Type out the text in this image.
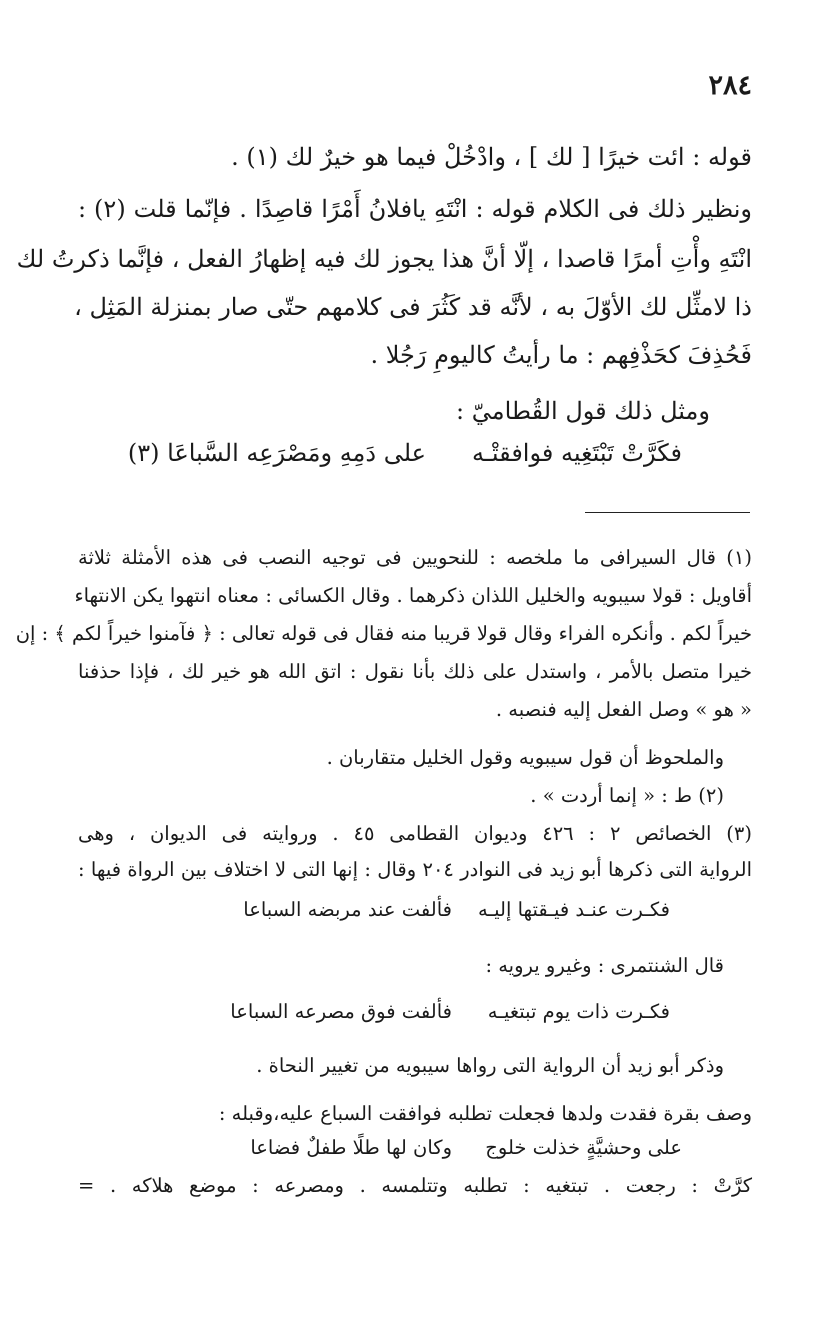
٢٨٤
قوله : ائت خيرًا [ لك ] ، وادْخُلْ فيما هو خيرٌ لك (١) .
ونظير ذلك فى الكلام قوله : انْتَهِ يافلانُ أَمْرًا قاصِدًا . فإنّما قلت (٢) :
انْتَهِ وأْتِ أمرًا قاصدا ، إلّا أنَّ هذا يجوز لك فيه إظهارُ الفعل ، فإنَّما ذكرتُ لك
ذا لامثِّل لك الأوّلَ به ، لأنَّه قد كَثُرَ فى كلامهم حتّى صار بمنزلة المَثِل ،
فَحُذِفَ كحَذْفِهم : ما رأيتُ كاليومِ رَجُلا .
ومثل ذلك قول القُطاميّ :
فكَرَّتْ تَبْتَغِيه فوافقتْـه
على دَمِهِ ومَصْرَعِه السَّباعَا (٣)
(١) قال السيرافى ما ملخصه : للنحويين فى توجيه النصب فى هذه الأمثلة ثلاثة
أقاويل : قولا سيبويه والخليل اللذان ذكرهما . وقال الكسائى : معناه انتهوا يكن الانتهاء
خيراً لكم . وأنكره الفراء وقال قولا قريبا منه فقال فى قوله تعالى : ﴿ فآمنوا خيراً لكم ﴾ : إن
خيرا متصل بالأمر ، واستدل على ذلك بأنا نقول : اتق الله هو خير لك ، فإذا حذفنا
« هو » وصل الفعل إليه فنصبه .
والملحوظ أن قول سيبويه وقول الخليل متقاربان .
(٢) ط : « إنما أردت » .
(٣) الخصائص ٢ : ٤٢٦ وديوان القطامى ٤٥ . وروايته فى الديوان ، وهى
الرواية التى ذكرها أبو زيد فى النوادر ٢٠٤ وقال : إنها التى لا اختلاف بين الرواة فيها :
فكـرت عنـد فيـقتها إليـه
فألفت عند مربضه السباعا
قال الشنتمرى : وغيرو يرويه :
فكـرت ذات يوم تبتغيـه
فألفت فوق مصرعه السباعا
وذكر أبو زيد أن الرواية التى رواها سيبويه من تغيير النحاة .
وصف بقرة فقدت ولدها فجعلت تطلبه فوافقت السباع عليه،وقبله :
على وحشيَّةٍ خذلت خلوج
وكان لها طلًا طفلٌ فضاعا
كرَّتْ : رجعت . تبتغيه : تطلبه وتتلمسه . ومصرعه : موضع هلاكه . =
